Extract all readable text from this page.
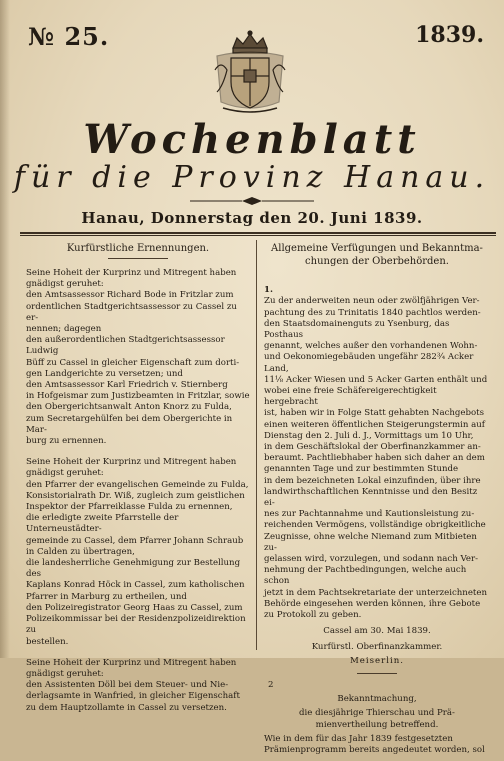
№ 25.	1839.
Wochenblatt
für die Provinz Hanau.
Hanau, Donnerstag den 20. Juni 1839.
Kurfürstliche Ernennungen.

Seine Hoheit der Kurprinz und Mitregent haben
gnädigst geruhet:
den Amtsassessor Richard Bode in Fritzlar zum
ordentlichen Stadtgerichtsassessor zu Cassel zu er-
nennen; dagegen
den außerordentlichen Stadtgerichtsassessor Ludwig
Büff zu Cassel in gleicher Eigenschaft zum dorti-
gen Landgerichte zu versetzen; und
den Amtsassessor Karl Friedrich v. Stiernberg
in Hofgeismar zum Justizbeamten in Fritzlar, sowie
den Obergerichtsanwalt Anton Knorz zu Fulda,
zum Secretargehülfen bei dem Obergerichte in Mar-
burg zu ernennen.

Seine Hoheit der Kurprinz und Mitregent haben
gnädigst geruhet:
den Pfarrer der evangelischen Gemeinde zu Fulda,
Konsistorialrath Dr. Wiß, zugleich zum geistlichen
Inspektor der Pfarreiklasse Fulda zu ernennen,
die erledigte zweite Pfarrstelle der Unterneustädter-
gemeinde zu Cassel, dem Pfarrer Johann Schraub
in Calden zu übertragen,
die landesherrliche Genehmigung zur Bestellung des
Kaplans Konrad Höck in Cassel, zum katholischen
Pfarrer in Marburg zu ertheilen, und
den Polizeiregistrator Georg Haas zu Cassel, zum
Polizeikommissar bei der Residenzpolizeidirektion zu
bestellen.

Seine Hoheit der Kurprinz und Mitregent haben
gnädigst geruhet:
den Assistenten Döll bei dem Steuer- und Nie-
derlagsamte in Wanfried, in gleicher Eigenschaft
zu dem Hauptzollamte in Cassel zu versetzen.

Allgemeine Verfügungen und Bekanntma-
chungen der Oberbehörden.

1.
Zu der anderweiten neun oder zwölfjährigen Ver-
pachtung des zu Trinitatis 1840 pachtlos werden-
den Staatsdomainenguts zu Ysenburg, das Posthaus
genannt, welches außer den vorhandenen Wohn-
und Oekonomiegebäuden ungefähr 282¾ Acker Land,
11⅛ Acker Wiesen und 5 Acker Garten enthält und
wobei eine freie Schäfereigerechtigkeit hergebracht
ist, haben wir in Folge Statt gehabten Nachgebots
einen weiteren öffentlichen Steigerungstermin auf
Dienstag den 2. Juli d. J., Vormittags um 10 Uhr,
in dem Geschäftslokal der Oberfinanzkammer an-
beraumt. Pachtliebhaber haben sich daher an dem
genannten Tage und zur bestimmten Stunde
in dem bezeichneten Lokal einzufinden, über ihre
landwirthschaftlichen Kenntnisse und den Besitz ei-
nes zur Pachtannahme und Kautionsleistung zu-
reichenden Vermögens, vollständige obrigkeitliche
Zeugnisse, ohne welche Niemand zum Mitbieten zu-
gelassen wird, vorzulegen, und sodann nach Ver-
nehmung der Pachtbedingungen, welche auch schon
jetzt in dem Pachtsekretariate der unterzeichneten
Behörde eingesehen werden können, ihre Gebote
zu Protokoll zu geben.

Cassel am 30. Mai 1839.
Kurfürstl. Oberfinanzkammer.
Meiserlin.
2
Bekanntmachung,
die diesjährige Thierschau und Prä-
mienvertheilung betreffend.

Wie in dem für das Jahr 1839 festgesetzten
Prämienprogramm bereits angedeutet worden, sol
